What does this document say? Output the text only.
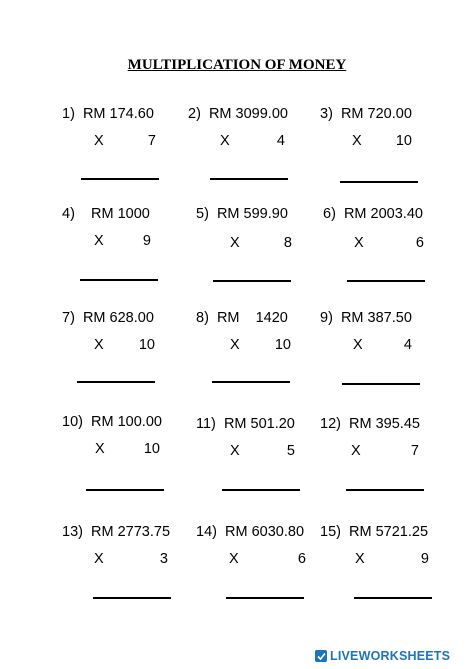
MULTIPLICATION OF MONEY
1)  RM 174.60
X	7
2)  RM 3099.00
X	4
3)  RM 720.00
X	10
4)    RM 1000
X	9
5)  RM 599.90
X	8
6)  RM 2003.40
X	6
7)  RM 628.00
X	10
8)  RM    1420
X	10
9)  RM 387.50
X	4
10)  RM 100.00
X	10
11)  RM 501.20
X	5
12)  RM 395.45
X	7
13)  RM 2773.75
X	3
14)  RM 6030.80
X	6
15)  RM 5721.25
X	9
LIVEWORKSHEETS
